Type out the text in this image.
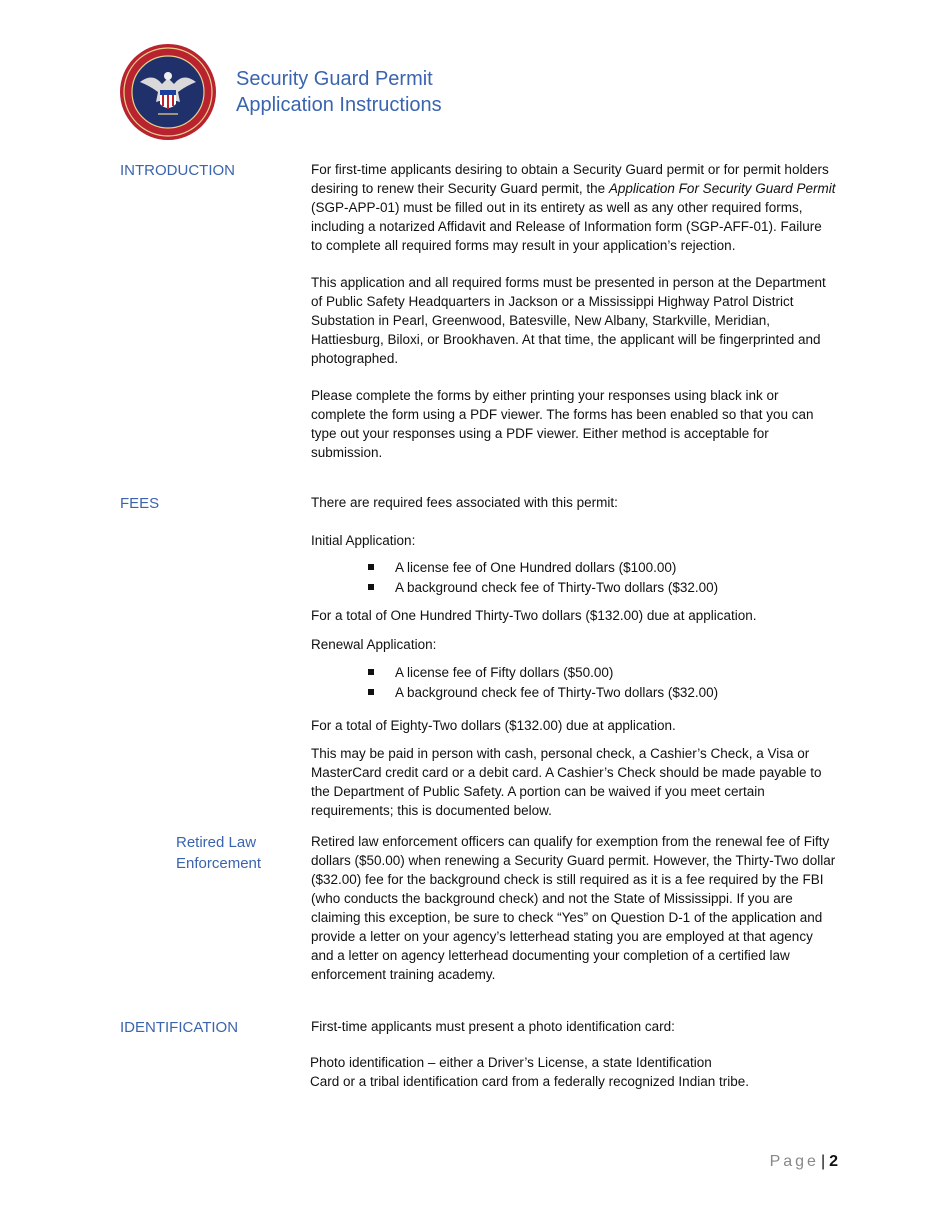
Security Guard Permit
Application Instructions
INTRODUCTION	For first-time applicants desiring to obtain a Security Guard permit or for permit holders desiring to renew their Security Guard permit, the Application For Security Guard Permit (SGP-APP-01) must be filled out in its entirety as well as any other required forms, including a notarized Affidavit and Release of Information form (SGP-AFF-01). Failure to complete all required forms may result in your application’s rejection.

This application and all required forms must be presented in person at the Department of Public Safety Headquarters in Jackson or a Mississippi Highway Patrol District Substation in Pearl, Greenwood, Batesville, New Albany, Starkville, Meridian, Hattiesburg, Biloxi, or Brookhaven. At that time, the applicant will be fingerprinted and photographed.

Please complete the forms by either printing your responses using black ink or complete the form using a PDF viewer. The forms has been enabled so that you can type out your responses using a PDF viewer. Either method is acceptable for submission.

FEES	There are required fees associated with this permit:
Initial Application:
A license fee of One Hundred dollars ($100.00)
A background check fee of Thirty-Two dollars ($32.00)
For a total of One Hundred Thirty-Two dollars ($132.00) due at application.
Renewal Application:
A license fee of Fifty dollars ($50.00)
A background check fee of Thirty-Two dollars ($32.00)
For a total of Eighty-Two dollars ($132.00) due at application.
This may be paid in person with cash, personal check, a Cashier’s Check, a Visa or MasterCard credit card or a debit card. A Cashier’s Check should be made payable to the Department of Public Safety. A portion can be waived if you meet certain requirements; this is documented below.
Retired Law
Enforcement
Retired law enforcement officers can qualify for exemption from the renewal fee of Fifty dollars ($50.00) when renewing a Security Guard permit. However, the Thirty-Two dollar ($32.00) fee for the background check is still required as it is a fee required by the FBI (who conducts the background check) and not the State of Mississippi. If you are claiming this exception, be sure to check “Yes” on Question D-1 of the application and provide a letter on your agency’s letterhead stating you are employed at that agency and a letter on agency letterhead documenting your completion of a certified law enforcement training academy.
IDENTIFICATION	First-time applicants must present a photo identification card:
Photo identification – either a Driver’s License, a state Identification
Card or a tribal identification card from a federally recognized Indian tribe.
Page | 2
